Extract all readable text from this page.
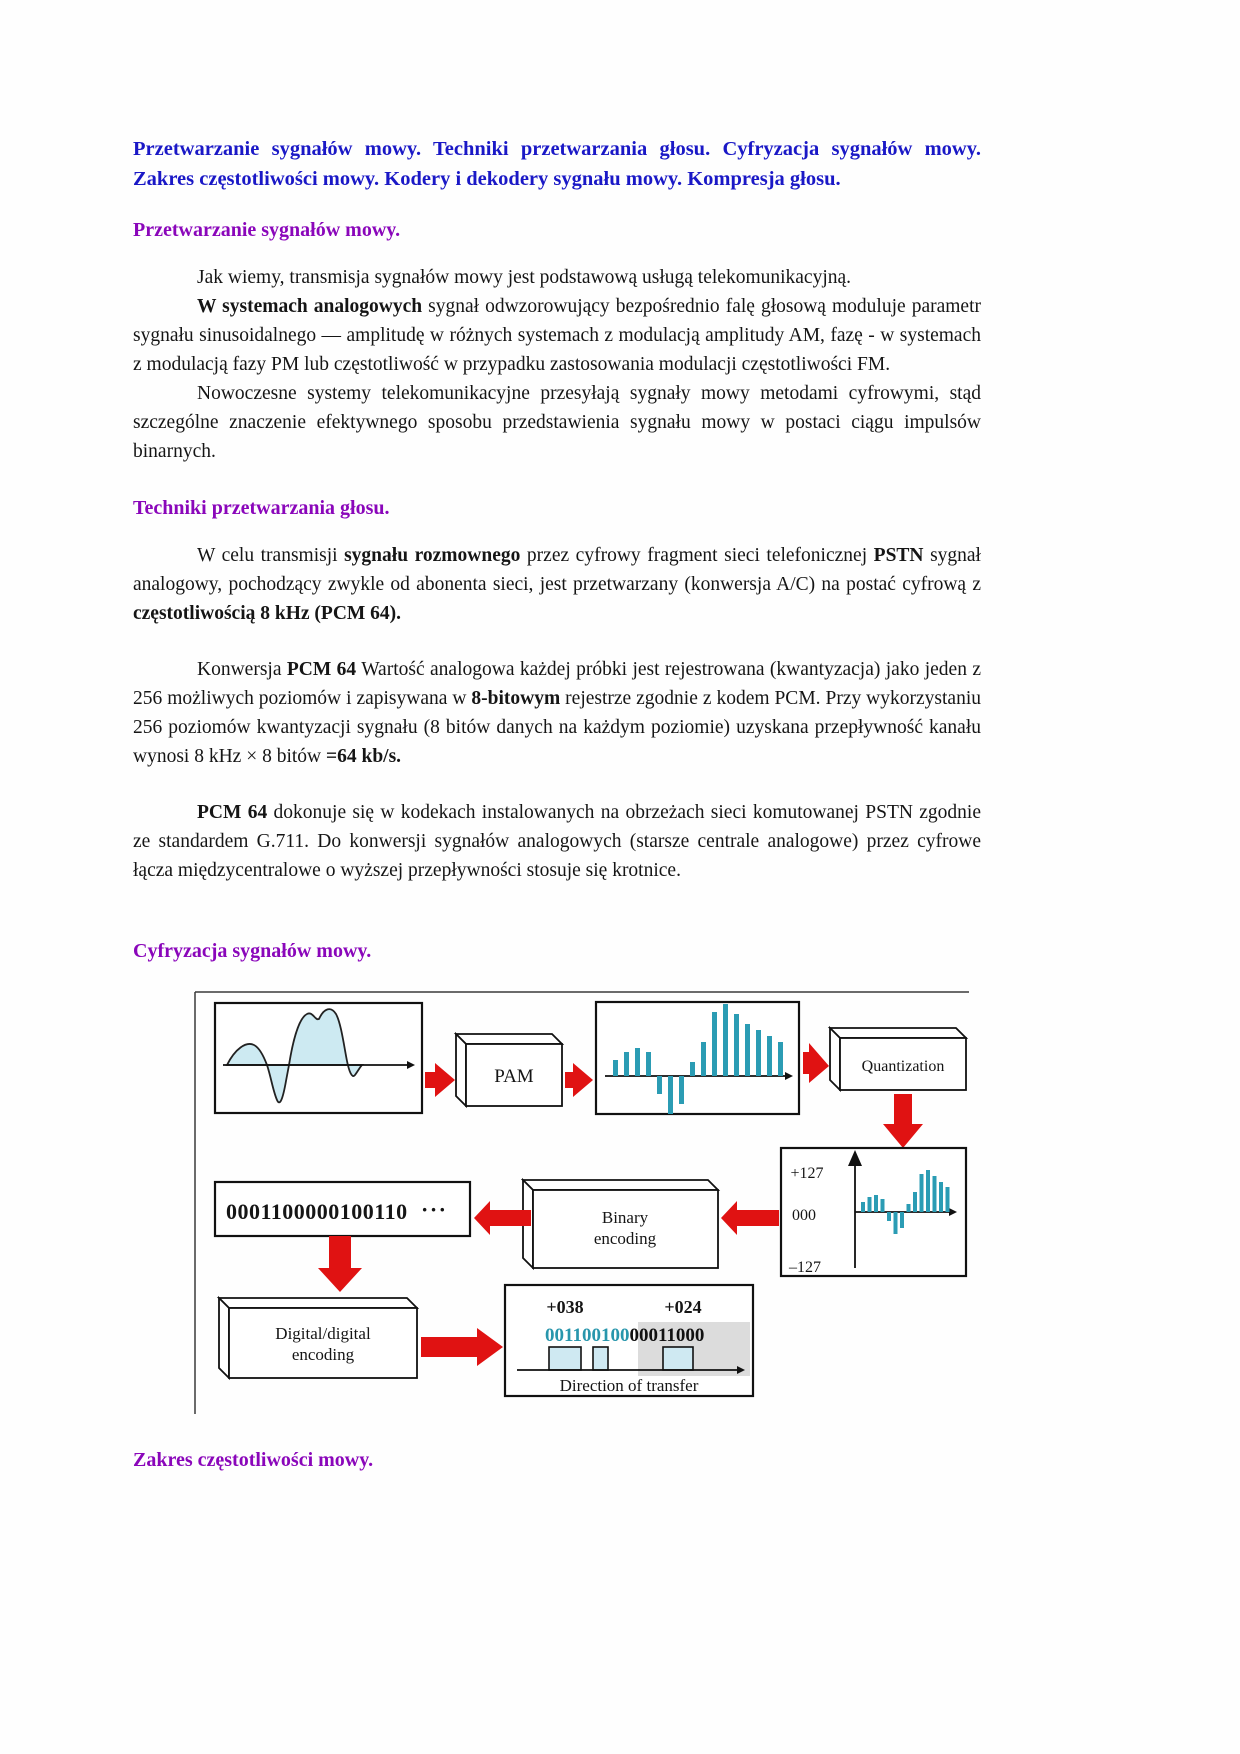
Przetwarzanie sygnałów mowy. Techniki przetwarzania głosu. Cyfryzacja sygnałów mowy. Zakres częstotliwości mowy. Kodery i dekodery sygnału mowy. Kompresja głosu.

Przetwarzanie sygnałów mowy.

Jak wiemy, transmisja sygnałów mowy jest podstawową usługą telekomunikacyjną.

W systemach analogowych sygnał odwzorowujący bezpośrednio falę głosową moduluje parametr sygnału sinusoidalnego — amplitudę w różnych systemach z modulacją amplitudy AM, fazę - w systemach z modulacją fazy PM lub częstotliwość w przypadku zastosowania modulacji częstotliwości FM.

Nowoczesne systemy telekomunikacyjne przesyłają sygnały mowy metodami cyfrowymi, stąd szczególne znaczenie efektywnego sposobu przedstawienia sygnału mowy w postaci ciągu impulsów binarnych.

Techniki przetwarzania głosu.

W celu transmisji sygnału rozmownego przez cyfrowy fragment sieci telefonicznej PSTN sygnał analogowy, pochodzący zwykle od abonenta sieci, jest przetwarzany (konwersja A/C) na postać cyfrową z częstotliwością 8 kHz (PCM 64).

Konwersja PCM 64 Wartość analogowa każdej próbki jest rejestrowana (kwantyzacja) jako jeden z 256 możliwych poziomów i zapisywana w 8-bitowym rejestrze zgodnie z kodem PCM. Przy wykorzystaniu 256 poziomów kwantyzacji sygnału (8 bitów danych na każdym poziomie) uzyskana przepływność kanału wynosi 8 kHz × 8 bitów =64 kb/s.

PCM 64 dokonuje się w kodekach instalowanych na obrzeżach sieci komutowanej PSTN zgodnie ze standardem G.711. Do konwersji sygnałów analogowych (starsze centrale analogowe) przez cyfrowe łącza międzycentralowe o wyższej przepływności stosuje się krotnice.

Cyfryzacja sygnałów mowy.
PAM	Quantization
+127
000
–127
Binary
encoding
0001100000100110 ···
Digital/digital
encoding
+038	+024
00110010000011000
Direction of transfer
Zakres częstotliwości mowy.
